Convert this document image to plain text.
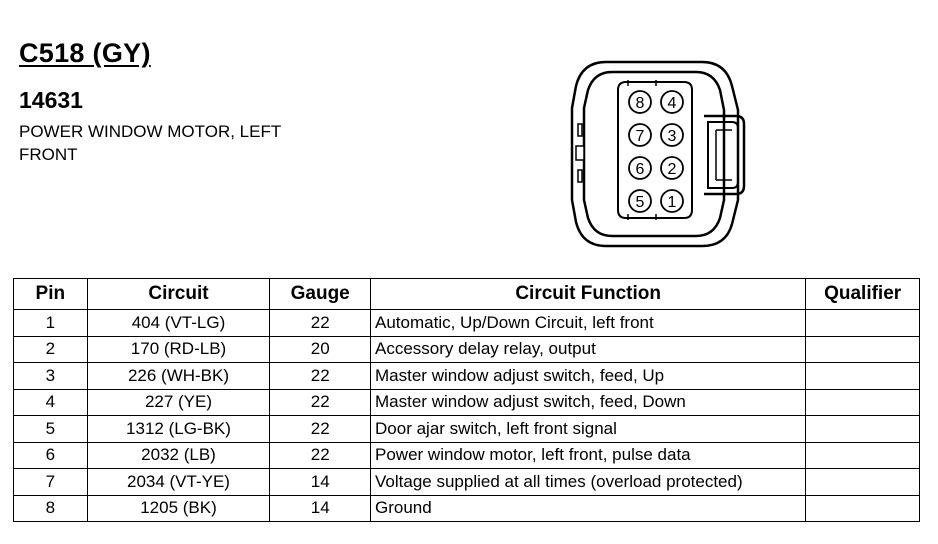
C518 (GY)
14631

POWER WINDOW MOTOR, LEFT FRONT

8 4
7 3
6 2
5 1
Pin	Circuit	Gauge	Circuit Function	Qualifier
1	404 (VT-LG)	22	Automatic, Up/Down Circuit, left front	
2	170 (RD-LB)	20	Accessory delay relay, output	
3	226 (WH-BK)	22	Master window adjust switch, feed, Up	
4	227 (YE)	22	Master window adjust switch, feed, Down	
5	1312 (LG-BK)	22	Door ajar switch, left front signal	
6	2032 (LB)	22	Power window motor, left front, pulse data	
7	2034 (VT-YE)	14	Voltage supplied at all times (overload protected)	
8	1205 (BK)	14	Ground	
